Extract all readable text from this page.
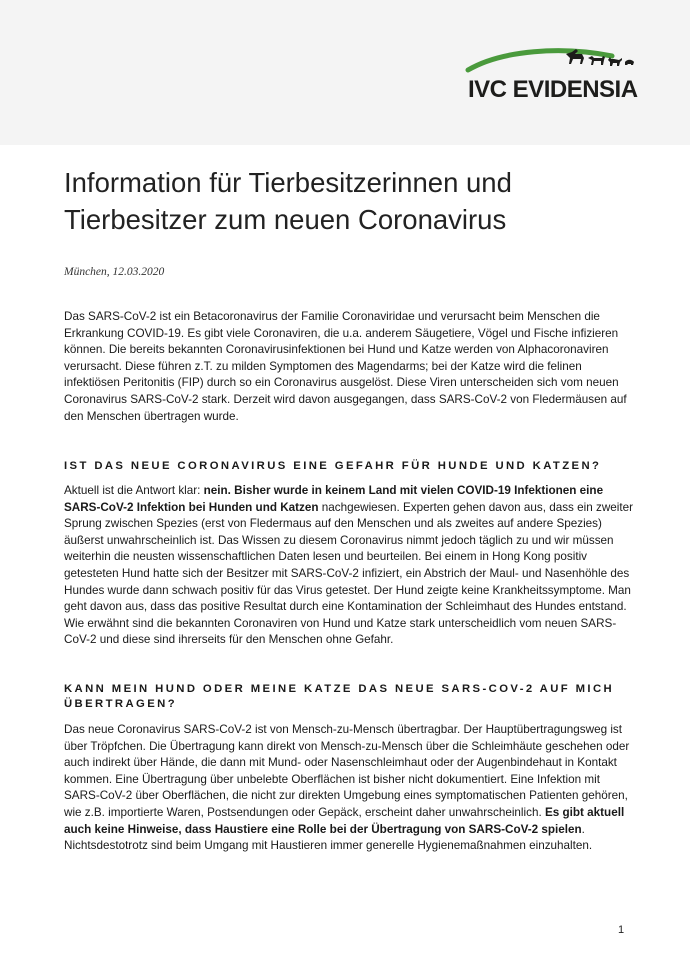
IVC EVIDENSIA
Information für Tierbesitzerinnen und Tierbesitzer zum neuen Coronavirus
München, 12.03.2020

Das SARS-CoV-2 ist ein Betacoronavirus der Familie Coronaviridae und verursacht beim Menschen die Erkrankung COVID-19. Es gibt viele Coronaviren, die u.a. anderem Säugetiere, Vögel und Fische infizieren können. Die bereits bekannten Coronavirusinfektionen bei Hund und Katze werden von Alphacoronaviren verursacht. Diese führen z.T. zu milden Symptomen des Magendarms; bei der Katze wird die felinen infektiösen Peritonitis (FIP) durch so ein Coronavirus ausgelöst. Diese Viren unterscheiden sich vom neuen Coronavirus SARS-CoV-2 stark. Derzeit wird davon ausgegangen, dass SARS-CoV-2 von Fledermäusen auf den Menschen übertragen wurde.

IST DAS NEUE CORONAVIRUS EINE GEFAHR FÜR HUNDE UND KATZEN?

Aktuell ist die Antwort klar: nein. Bisher wurde in keinem Land mit vielen COVID-19 Infektionen eine SARS-CoV-2 Infektion bei Hunden und Katzen nachgewiesen. Experten gehen davon aus, dass ein zweiter Sprung zwischen Spezies (erst von Fledermaus auf den Menschen und als zweites auf andere Spezies) äußerst unwahrscheinlich ist. Das Wissen zu diesem Coronavirus nimmt jedoch täglich zu und wir müssen weiterhin die neusten wissenschaftlichen Daten lesen und beurteilen. Bei einem in Hong Kong positiv getesteten Hund hatte sich der Besitzer mit SARS-CoV-2 infiziert, ein Abstrich der Maul- und Nasenhöhle des Hundes wurde dann schwach positiv für das Virus getestet. Der Hund zeigte keine Krankheitssymptome. Man geht davon aus, dass das positive Resultat durch eine Kontamination der Schleimhaut des Hundes entstand. Wie erwähnt sind die bekannten Coronaviren von Hund und Katze stark unterscheidlich vom neuen SARS-CoV-2 und diese sind ihrerseits für den Menschen ohne Gefahr.

KANN MEIN HUND ODER MEINE KATZE DAS NEUE SARS-COV-2 AUF MICH ÜBERTRAGEN?

Das neue Coronavirus SARS-CoV-2 ist von Mensch-zu-Mensch übertragbar. Der Hauptübertragungsweg ist über Tröpfchen. Die Übertragung kann direkt von Mensch-zu-Mensch über die Schleimhäute geschehen oder auch indirekt über Hände, die dann mit Mund- oder Nasenschleimhaut oder der Augenbindehaut in Kontakt kommen. Eine Übertragung über unbelebte Oberflächen ist bisher nicht dokumentiert. Eine Infektion mit SARS-CoV-2 über Oberflächen, die nicht zur direkten Umgebung eines symptomatischen Patienten gehören, wie z.B. importierte Waren, Postsendungen oder Gepäck, erscheint daher unwahrscheinlich. Es gibt aktuell auch keine Hinweise, dass Haustiere eine Rolle bei der Übertragung von SARS-CoV-2 spielen. Nichtsdestotrotz sind beim Umgang mit Haustieren immer generelle Hygienemaßnahmen einzuhalten.

1
